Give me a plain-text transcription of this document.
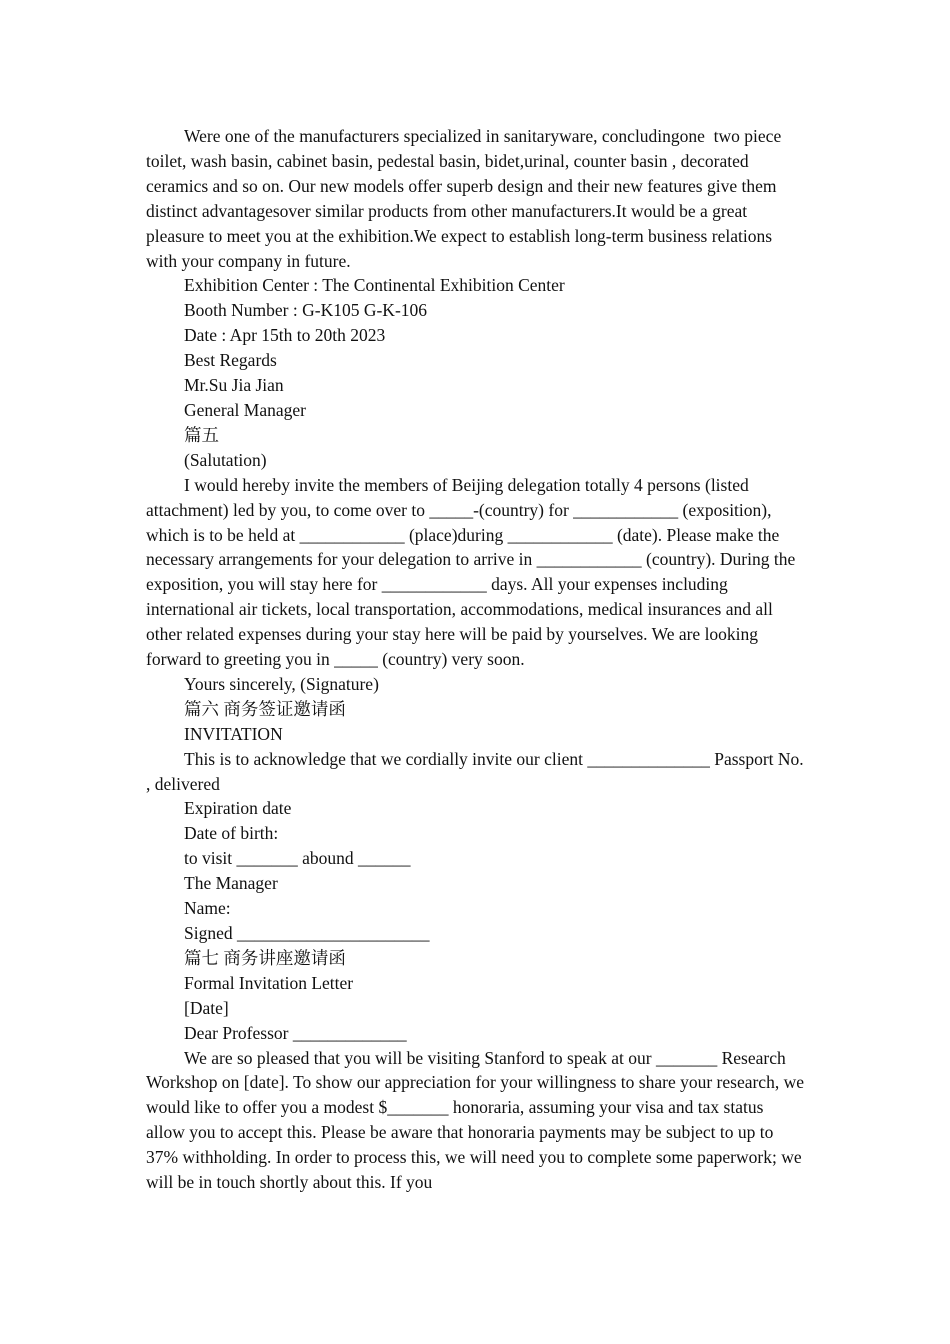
Were one of the manufacturers specialized in sanitaryware, concludingone  two piece toilet, wash basin, cabinet basin, pedestal basin, bidet,urinal, counter basin , decorated ceramics and so on. Our new models offer superb design and their new features give them distinct advantagesover similar products from other manufacturers.It would be a great pleasure to meet you at the exhibition.We expect to establish long-term business relations with your company in future.

Exhibition Center : The Continental Exhibition Center

Booth Number : G-K105 G-K-106

Date : Apr 15th to 20th 2023

Best Regards

Mr.Su Jia Jian

General Manager

篇五

(Salutation)

I would hereby invite the members of Beijing delegation totally 4 persons (listed attachment) led by you, to come over to _____-(country) for ____________ (exposition), which is to be held at ____________ (place)during ____________ (date). Please make the necessary arrangements for your delegation to arrive in ____________ (country). During the exposition, you will stay here for ____________ days. All your expenses including international air tickets, local transportation, accommodations, medical insurances and all other related expenses during your stay here will be paid by yourselves. We are looking forward to greeting you in _____ (country) very soon.

Yours sincerely, (Signature)

篇六 商务签证邀请函

INVITATION

This is to acknowledge that we cordially invite our client ______________ Passport No. , delivered

Expiration date

Date of birth:

to visit _______ abound ______

The Manager

Name:

Signed ______________________

篇七 商务讲座邀请函

Formal Invitation Letter

[Date]

Dear Professor _____________

We are so pleased that you will be visiting Stanford to speak at our _______ Research Workshop on [date]. To show our appreciation for your willingness to share your research, we would like to offer you a modest $_______ honoraria, assuming your visa and tax status allow you to accept this. Please be aware that honoraria payments may be subject to up to 37% withholding. In order to process this, we will need you to complete some paperwork; we will be in touch shortly about this. If you
